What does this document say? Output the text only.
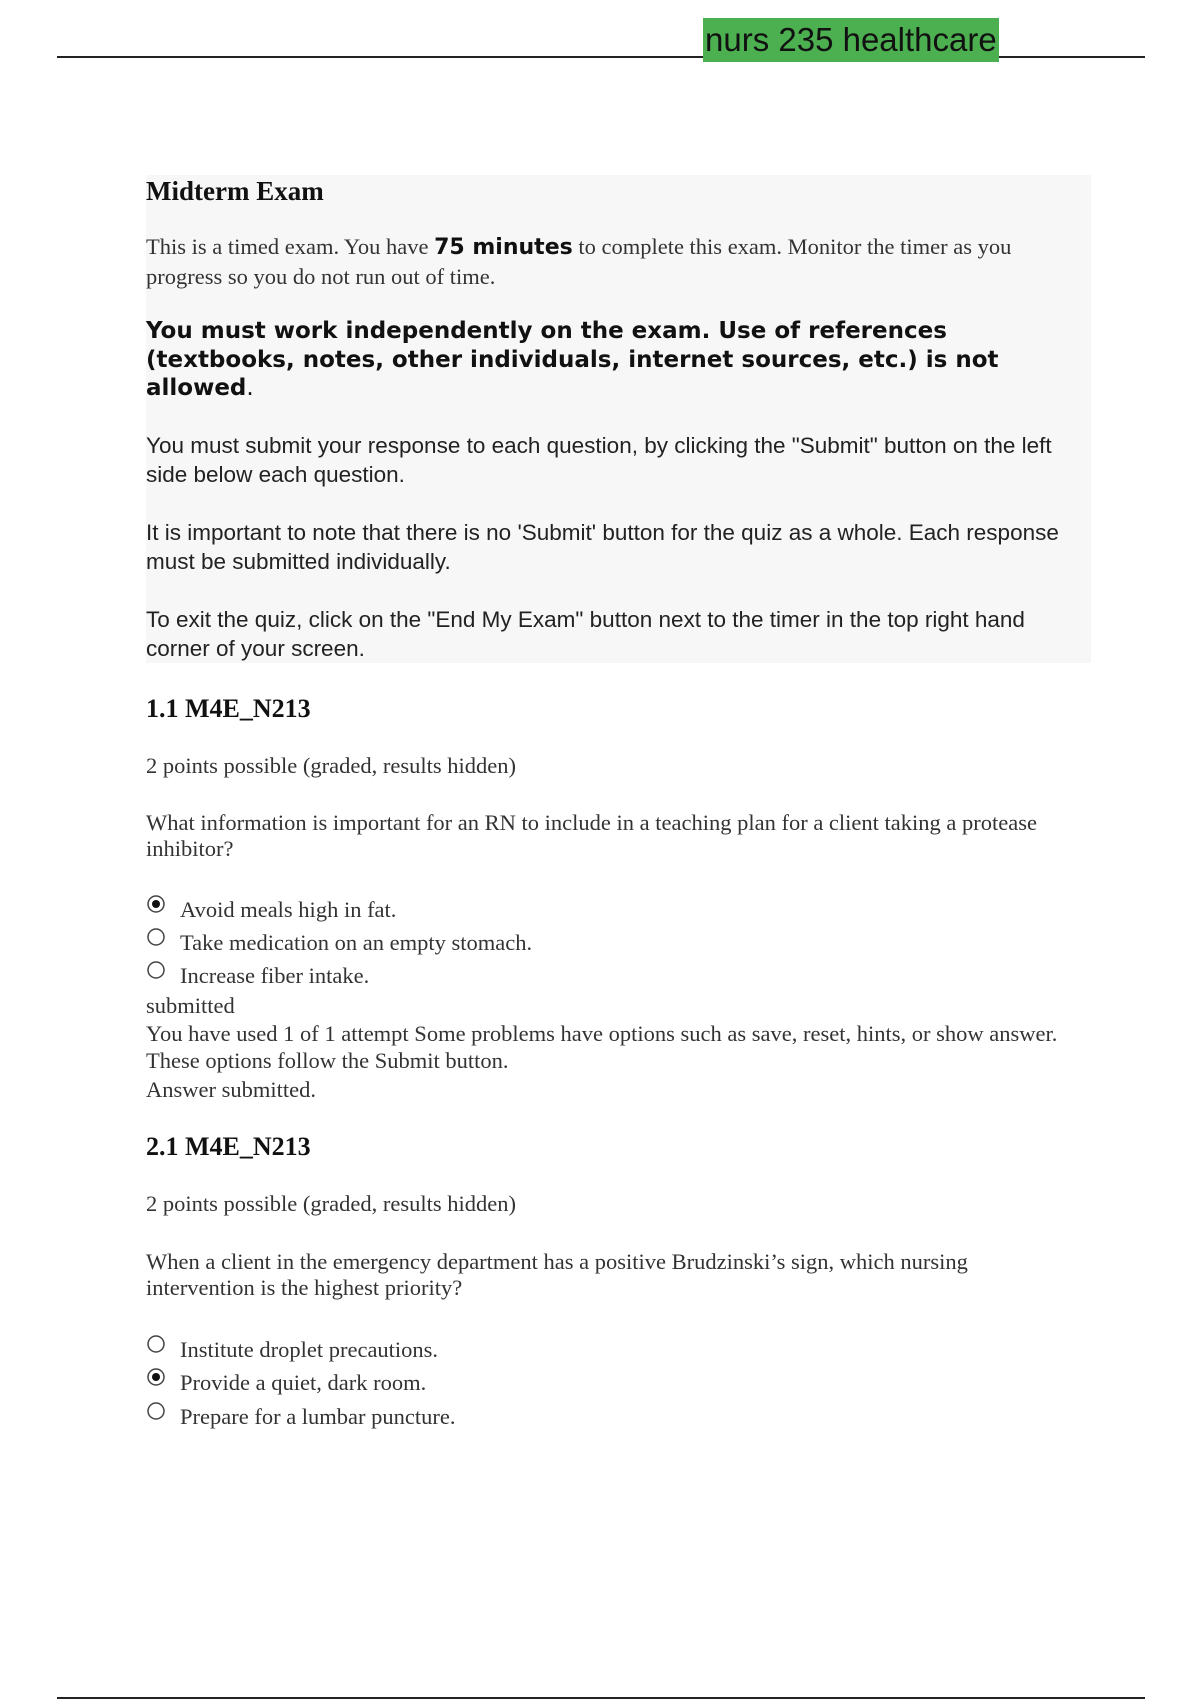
nurs 235 healthcare
Midterm Exam
This is a timed exam. You have 75 minutes to complete this exam. Monitor the timer as you progress so you do not run out of time.
You must work independently on the exam. Use of references (textbooks, notes, other individuals, internet sources, etc.) is not allowed.
You must submit your response to each question, by clicking the "Submit" button on the left side below each question.
It is important to note that there is no 'Submit' button for the quiz as a whole. Each response must be submitted individually.
To exit the quiz, click on the "End My Exam" button next to the timer in the top right hand corner of your screen.
1.1 M4E_N213
2 points possible (graded, results hidden)
What information is important for an RN to include in a teaching plan for a client taking a protease inhibitor?
Avoid meals high in fat.
Take medication on an empty stomach.
Increase fiber intake.
submitted
You have used 1 of 1 attempt Some problems have options such as save, reset, hints, or show answer. These options follow the Submit button.
Answer submitted.
2.1 M4E_N213
2 points possible (graded, results hidden)
When a client in the emergency department has a positive Brudzinski’s sign, which nursing intervention is the highest priority?
Institute droplet precautions.
Provide a quiet, dark room.
Prepare for a lumbar puncture.
